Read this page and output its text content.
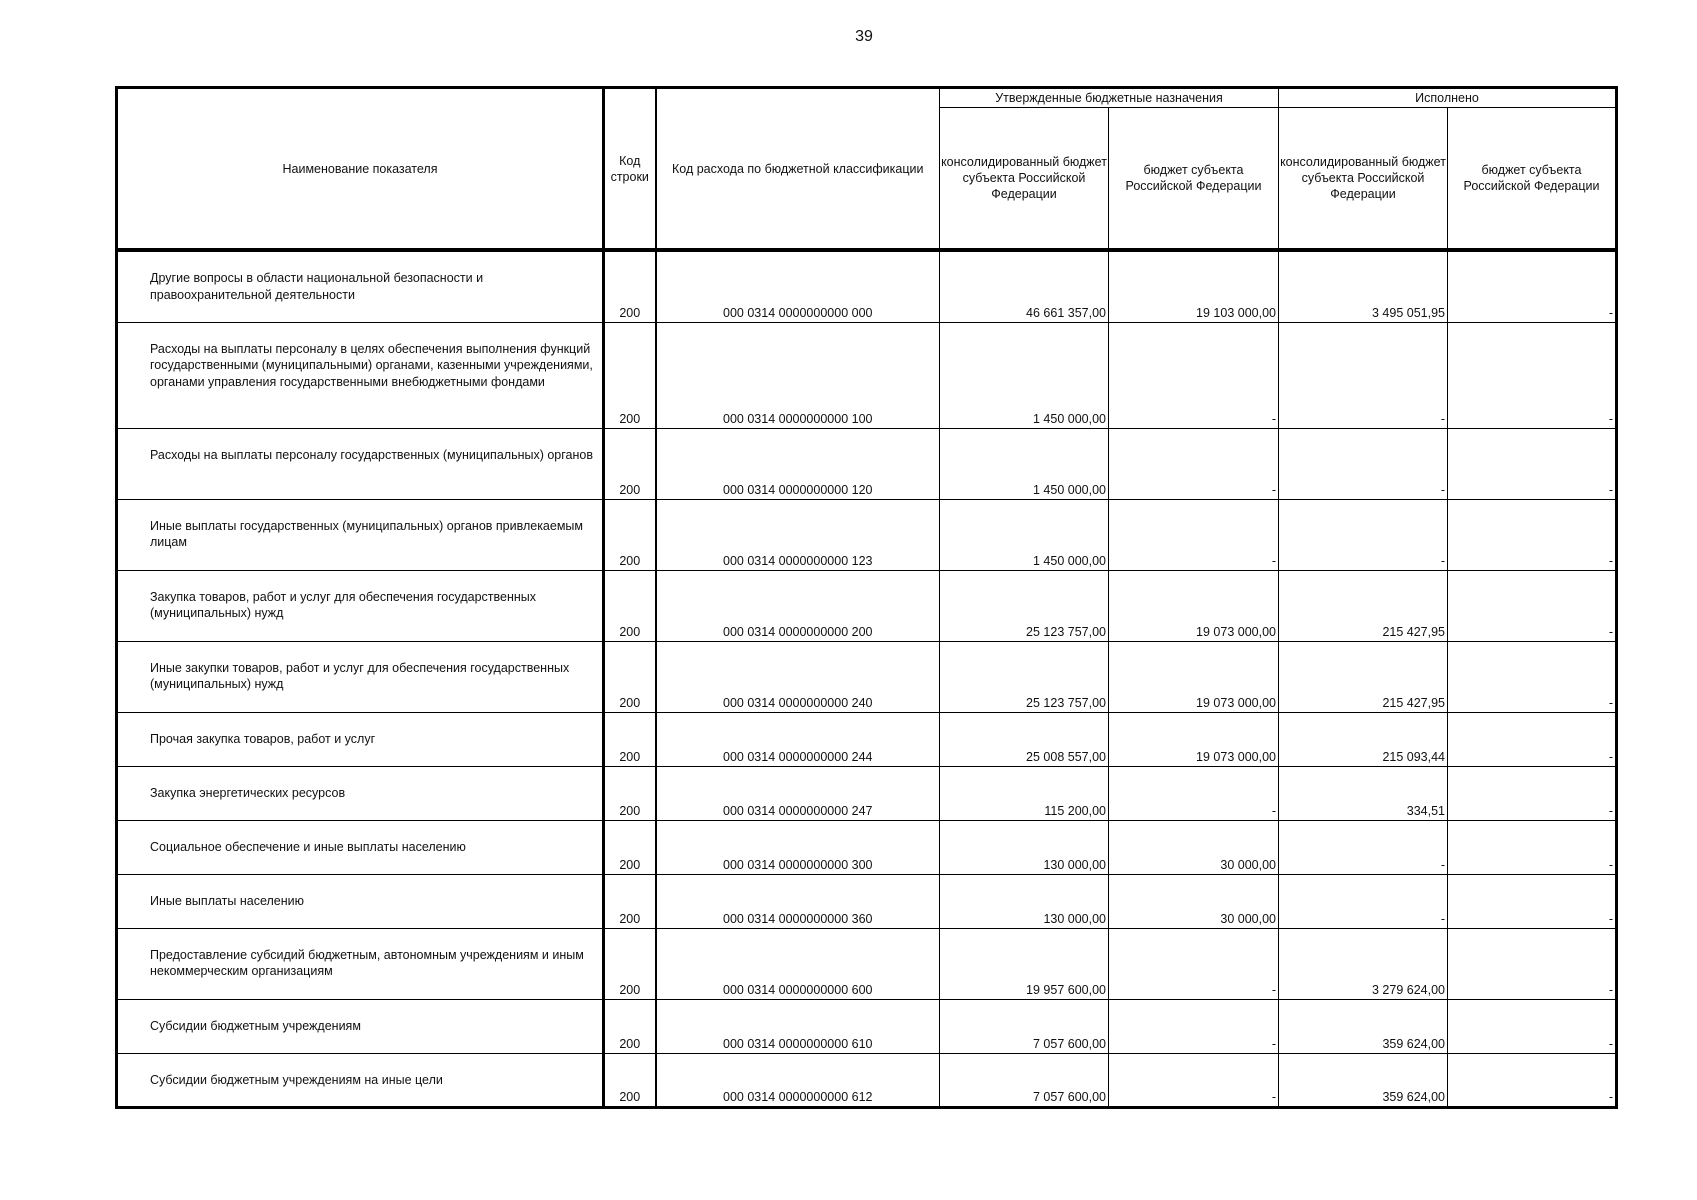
39
Наименование показателя	Код строки	Код расхода по бюджетной классификации	Утвержденные бюджетные назначения		Исполнено	
			консолидированный бюджет субъекта Российской Федерации	бюджет субъекта Российской Федерации	консолидированный бюджет субъекта Российской Федерации	бюджет субъекта Российской Федерации
Другие вопросы в области национальной безопасности и правоохранительной деятельности	200	000 0314 0000000000 000	46 661 357,00	19 103 000,00	3 495 051,95	-
Расходы на выплаты персоналу в целях обеспечения выполнения функций государственными (муниципальными) органами, казенными учреждениями, органами управления государственными внебюджетными фондами	200	000 0314 0000000000 100	1 450 000,00	-	-	-
Расходы на выплаты персоналу государственных (муниципальных) органов	200	000 0314 0000000000 120	1 450 000,00	-	-	-
Иные выплаты государственных (муниципальных) органов привлекаемым лицам	200	000 0314 0000000000 123	1 450 000,00	-	-	-
Закупка товаров, работ и услуг для обеспечения государственных (муниципальных) нужд	200	000 0314 0000000000 200	25 123 757,00	19 073 000,00	215 427,95	-
Иные закупки товаров, работ и услуг для обеспечения государственных (муниципальных) нужд	200	000 0314 0000000000 240	25 123 757,00	19 073 000,00	215 427,95	-
Прочая закупка товаров, работ и услуг	200	000 0314 0000000000 244	25 008 557,00	19 073 000,00	215 093,44	-
Закупка энергетических ресурсов	200	000 0314 0000000000 247	115 200,00	-	334,51	-
Социальное обеспечение и иные выплаты населению	200	000 0314 0000000000 300	130 000,00	30 000,00	-	-
Иные выплаты населению	200	000 0314 0000000000 360	130 000,00	30 000,00	-	-
Предоставление субсидий бюджетным, автономным учреждениям и иным некоммерческим организациям	200	000 0314 0000000000 600	19 957 600,00	-	3 279 624,00	-
Субсидии бюджетным учреждениям	200	000 0314 0000000000 610	7 057 600,00	-	359 624,00	-
Субсидии бюджетным учреждениям на иные цели	200	000 0314 0000000000 612	7 057 600,00	-	359 624,00	-
